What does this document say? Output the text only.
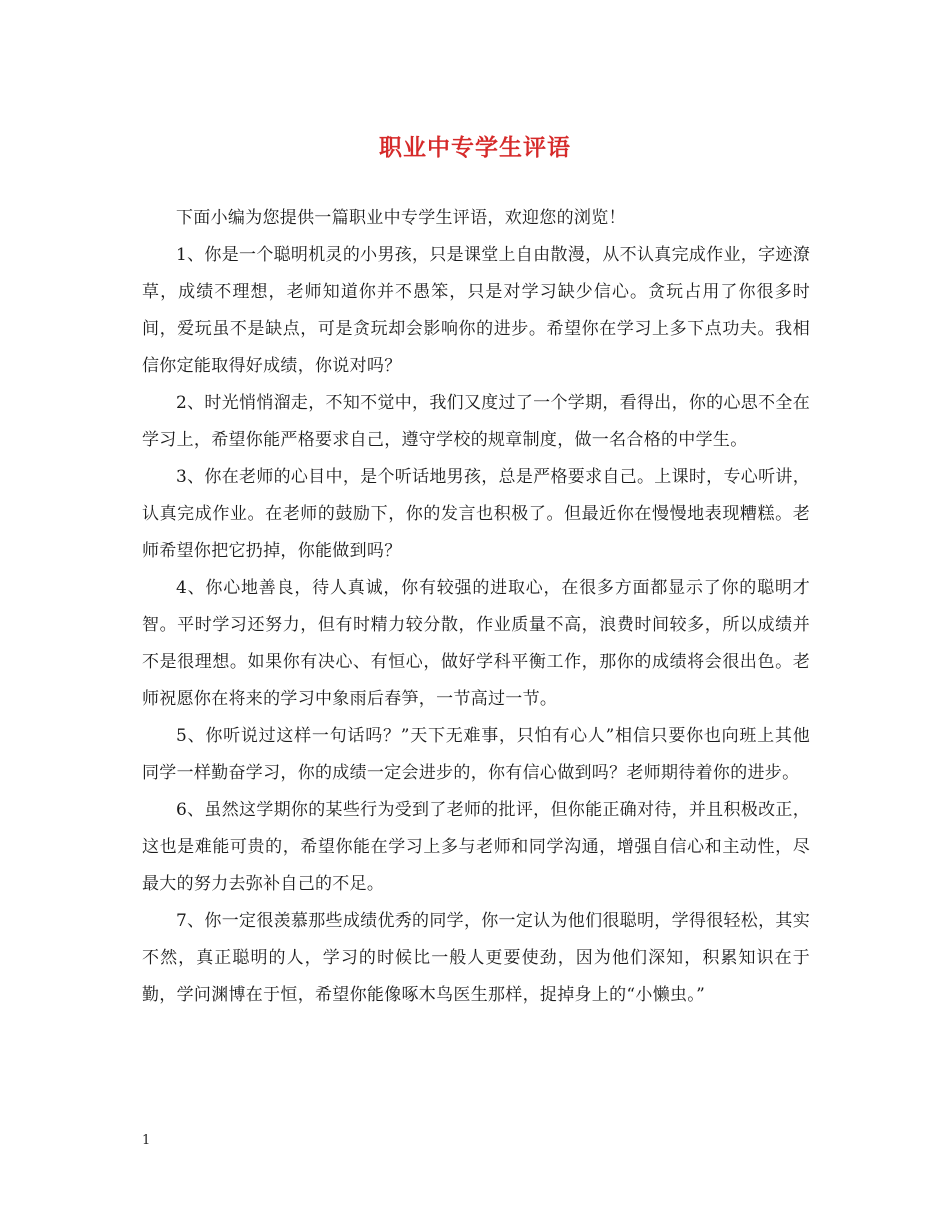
职业中专学生评语

下面小编为您提供一篇职业中专学生评语，欢迎您的浏览！

1、你是一个聪明机灵的小男孩，只是课堂上自由散漫，从不认真完成作业，字迹潦草，成绩不理想，老师知道你并不愚笨，只是对学习缺少信心。贪玩占用了你很多时间，爱玩虽不是缺点，可是贪玩却会影响你的进步。希望你在学习上多下点功夫。我相信你定能取得好成绩，你说对吗？

2、时光悄悄溜走，不知不觉中，我们又度过了一个学期，看得出，你的心思不全在学习上，希望你能严格要求自己，遵守学校的规章制度，做一名合格的中学生。

3、你在老师的心目中，是个听话地男孩，总是严格要求自己。上课时，专心听讲，认真完成作业。在老师的鼓励下，你的发言也积极了。但最近你在慢慢地表现糟糕。老师希望你把它扔掉，你能做到吗？

4、你心地善良，待人真诚，你有较强的进取心，在很多方面都显示了你的聪明才智。平时学习还努力，但有时精力较分散，作业质量不高，浪费时间较多，所以成绩并不是很理想。如果你有决心、有恒心，做好学科平衡工作，那你的成绩将会很出色。老师祝愿你在将来的学习中象雨后春笋，一节高过一节。

5、你听说过这样一句话吗？”天下无难事，只怕有心人”相信只要你也向班上其他同学一样勤奋学习，你的成绩一定会进步的，你有信心做到吗？老师期待着你的进步。

6、虽然这学期你的某些行为受到了老师的批评，但你能正确对待，并且积极改正，这也是难能可贵的，希望你能在学习上多与老师和同学沟通，增强自信心和主动性，尽最大的努力去弥补自己的不足。

7、你一定很羡慕那些成绩优秀的同学，你一定认为他们很聪明，学得很轻松，其实不然，真正聪明的人，学习的时候比一般人更要使劲，因为他们深知，积累知识在于勤，学问渊博在于恒，希望你能像啄木鸟医生那样，捉掉身上的“小懒虫。”

1
